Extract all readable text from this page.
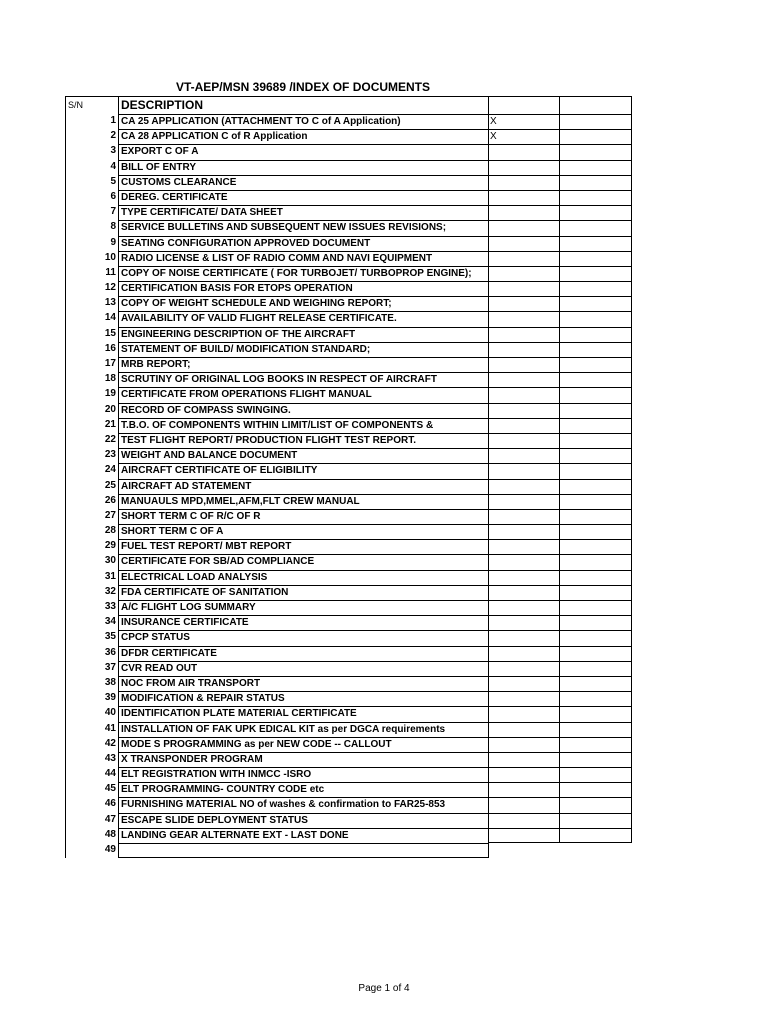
VT-AEP/MSN 39689 /INDEX OF DOCUMENTS
S/N	DESCRIPTION
1 CA 25 APPLICATION (ATTACHMENT TO C of A Application)	X
2 CA 28 APPLICATION C of R Application	X
3 EXPORT C OF A
4 BILL OF ENTRY
5 CUSTOMS CLEARANCE
6 DEREG. CERTIFICATE
7 TYPE CERTIFICATE/ DATA SHEET
8 SERVICE BULLETINS AND SUBSEQUENT NEW ISSUES REVISIONS;
9 SEATING CONFIGURATION APPROVED DOCUMENT
10 RADIO LICENSE & LIST OF RADIO COMM AND NAVI EQUIPMENT
11 COPY OF NOISE CERTIFICATE ( FOR TURBOJET/ TURBOPROP ENGINE);
12 CERTIFICATION BASIS FOR ETOPS OPERATION
13 COPY OF WEIGHT SCHEDULE AND WEIGHING REPORT;
14 AVAILABILITY OF VALID FLIGHT RELEASE CERTIFICATE.
15 ENGINEERING DESCRIPTION OF THE AIRCRAFT
16 STATEMENT OF BUILD/ MODIFICATION STANDARD;
17 MRB REPORT;
18 SCRUTINY OF ORIGINAL LOG BOOKS IN RESPECT OF AIRCRAFT
19 CERTIFICATE FROM OPERATIONS FLIGHT MANUAL
20 RECORD OF COMPASS SWINGING.
21 T.B.O. OF COMPONENTS WITHIN LIMIT/LIST OF COMPONENTS &
22 TEST FLIGHT REPORT/ PRODUCTION FLIGHT TEST REPORT.
23 WEIGHT AND BALANCE DOCUMENT
24 AIRCRAFT CERTIFICATE OF ELIGIBILITY
25 AIRCRAFT AD STATEMENT
26 MANUAULS MPD,MMEL,AFM,FLT CREW MANUAL
27 SHORT TERM C OF R/C OF R
28 SHORT TERM C OF A
29 FUEL TEST REPORT/ MBT REPORT
30 CERTIFICATE FOR SB/AD COMPLIANCE
31 ELECTRICAL LOAD ANALYSIS
32 FDA CERTIFICATE OF SANITATION
33 A/C FLIGHT LOG SUMMARY
34 INSURANCE CERTIFICATE
35 CPCP STATUS
36 DFDR CERTIFICATE
37 CVR READ OUT
38 NOC FROM AIR TRANSPORT
39 MODIFICATION & REPAIR STATUS
40 IDENTIFICATION PLATE MATERIAL CERTIFICATE
41 INSTALLATION OF FAK UPK EDICAL KIT as per DGCA requirements
42 MODE S PROGRAMMING as per NEW CODE -- CALLOUT
43 X TRANSPONDER PROGRAM
44 ELT REGISTRATION WITH INMCC -ISRO
45 ELT PROGRAMMING- COUNTRY CODE etc
46 FURNISHING MATERIAL NO of washes & confirmation to FAR25-853
47 ESCAPE SLIDE DEPLOYMENT STATUS
48 LANDING GEAR ALTERNATE EXT - LAST DONE
49
Page 1 of 4
